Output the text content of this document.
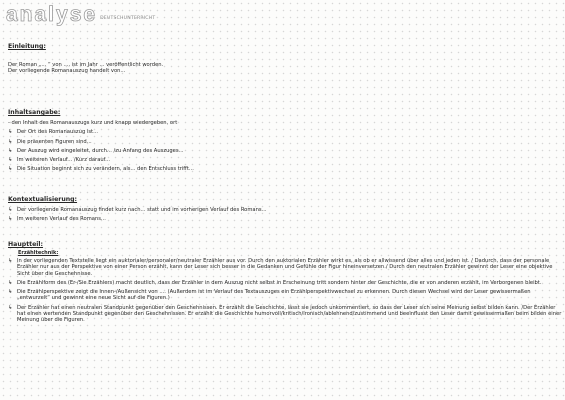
analyse DEUTSCHUNTERRICHT
Einleitung:
Der Roman „... “ von ..., ist im Jahr ... veröffentlicht worden.
Der vorliegende Romanauszug handelt von...
Inhaltsangabe:
- den Inhalt des Romanauszugs kurz und knapp wiedergeben, ort
↳ Der Ort des Romanauszug ist...
↳ Die präsenten Figuren sind...
↳ Der Auszug wird eingeleitet, durch... /zu Anfang des Auszuges...
↳ Im weiteren Verlauf... /Kurz darauf...
↳ Die Situation beginnt sich zu verändern, als... den Entschluss trifft...
Kontextualisierung:
↳ Der vorliegende Romanauszug findet kurz nach... statt und im vorherigen Verlauf des Romans...
↳ Im weiteren Verlauf des Romans...
Hauptteil:
Erzähltechnik:
↳ In der vorliegenden Textstelle liegt ein auktorialer/personaler/neutraler Erzähler aus vor. Durch den auktorialen Erzähler wirkt es, als ob er allwissend über alles und jeden ist. / Dadurch, dass der personale Erzähler nur aus der Perspektive von einer Person erzählt, kann der Leser sich besser in die Gedanken und Gefühle der Figur hineinversetzen./ Durch den neutralen Erzähler gewinnt der Leser eine objektive Sicht über die Geschehnisse.
↳ Die Erzählform des (Er-/Sie Erzählers) macht deutlich, dass der Erzähler in dem Auszug nicht selbst in Erscheinung tritt sondern hinter der Geschichte, die er von anderen erzählt, im Verborgenen bleibt.
↳ Die Erzählperspektive zeigt die Innen-/Außensicht von .... (Außerdem ist im Verlauf des Textauszuges ein Erzählperspektivwechsel zu erkennen. Durch diesen Wechsel wird der Leser gewissermaßen „entwurzelt“ und gewinnt eine neue Sicht auf die Figuren.)
↳ Der Erzähler hat einen neutralen Standpunkt gegenüber den Geschehnissen. Er erzählt die Geschichte, lässt sie jedoch unkommentiert, so dass der Leser sich seine Meinung selbst bilden kann. /Der Erzähler hat einen wertenden Standpunkt gegenüber den Geschehnissen. Er erzählt die Geschichte humorvoll/kritisch/ironisch/ablehnend/zustimmend und beeinflusst den Leser damit gewissermaßen beim bilden einer Meinung über die Figuren.
